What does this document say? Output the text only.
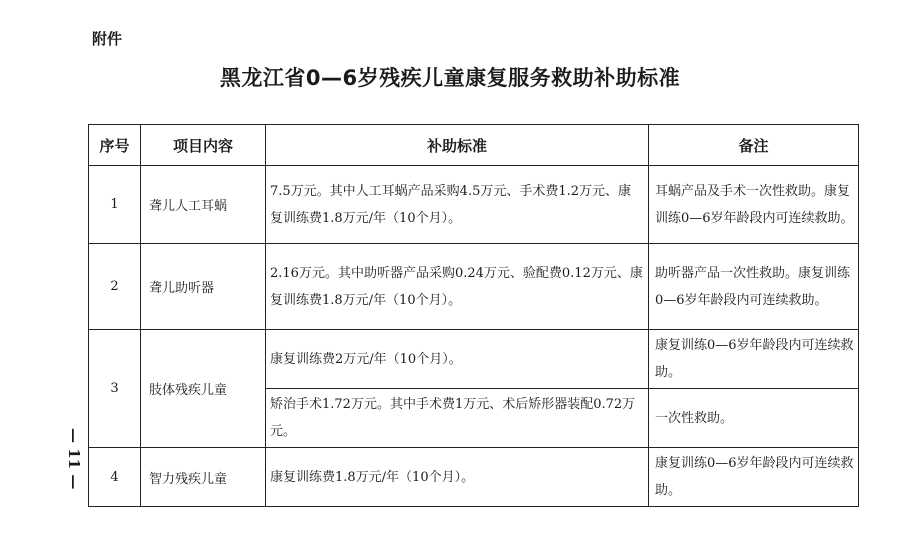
附件
黑龙江省0—6岁残疾儿童康复服务救助补助标准
— 11 —
序号	项目内容	补助标准	备注
1	聋儿人工耳蜗	7.5万元。其中人工耳蜗产品采购4.5万元、手术费1.2万元、康复训练费1.8万元/年（10个月）。	耳蜗产品及手术一次性救助。康复训练0—6岁年龄段内可连续救助。
2	聋儿助听器	2.16万元。其中助听器产品采购0.24万元、验配费0.12万元、康复训练费1.8万元/年（10个月）。	助听器产品一次性救助。康复训练0—6岁年龄段内可连续救助。
3	肢体残疾儿童	康复训练费2万元/年（10个月）。	康复训练0—6岁年龄段内可连续救助。
		矫治手术1.72万元。其中手术费1万元、术后矫形器装配0.72万元。	一次性救助。
4	智力残疾儿童	康复训练费1.8万元/年（10个月）。	康复训练0—6岁年龄段内可连续救助。
